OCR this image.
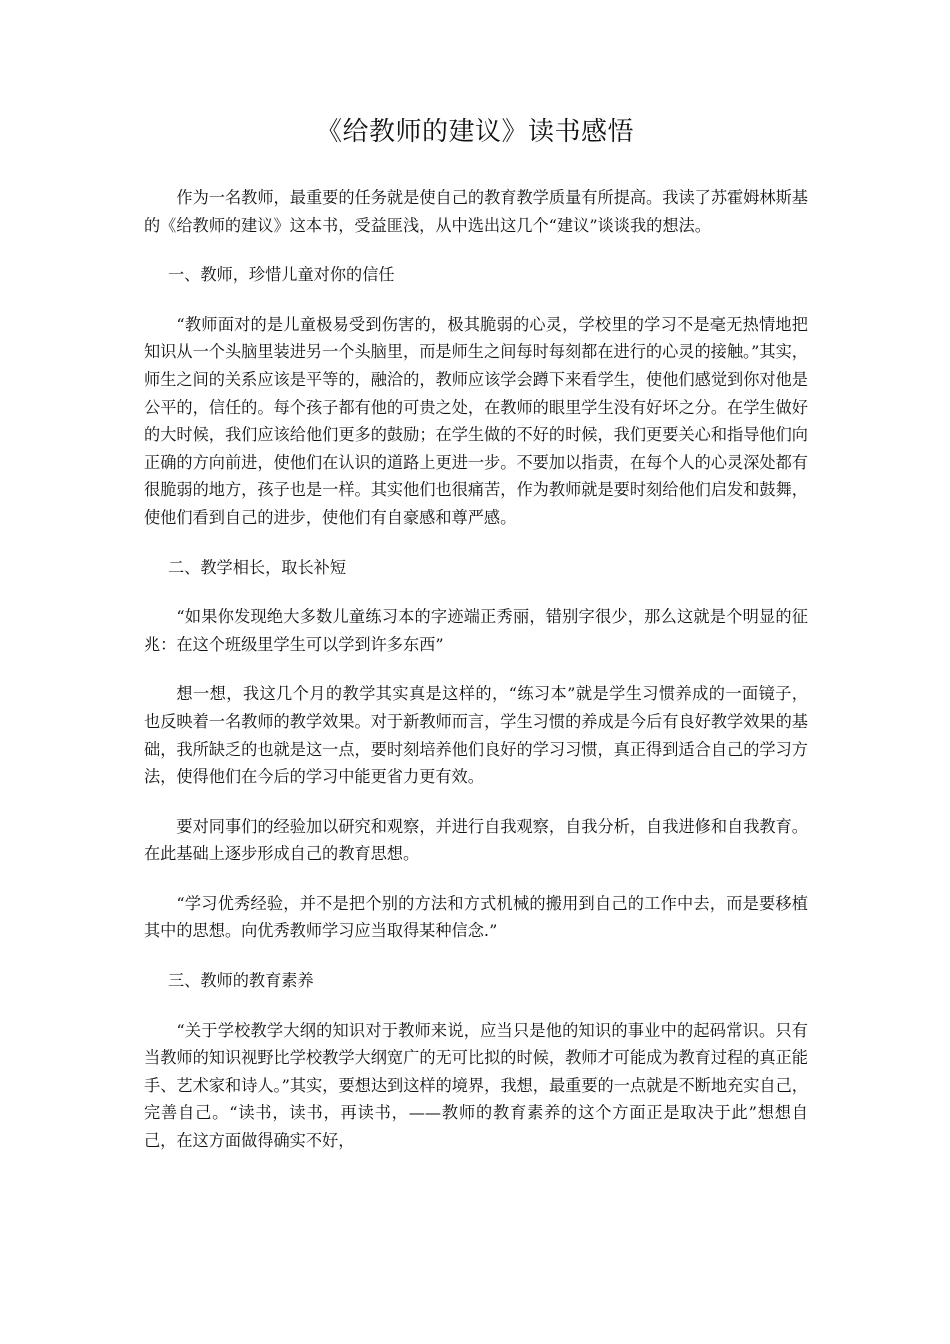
《给教师的建议》读书感悟

作为一名教师，最重要的任务就是使自己的教育教学质量有所提高。我读了苏霍姆林斯基的《给教师的建议》这本书，受益匪浅，从中选出这几个“建议”谈谈我的想法。

一、教师，珍惜儿童对你的信任

“教师面对的是儿童极易受到伤害的，极其脆弱的心灵，学校里的学习不是毫无热情地把知识从一个头脑里装进另一个头脑里，而是师生之间每时每刻都在进行的心灵的接触。”其实，师生之间的关系应该是平等的，融洽的，教师应该学会蹲下来看学生，使他们感觉到你对他是公平的，信任的。每个孩子都有他的可贵之处，在教师的眼里学生没有好坏之分。在学生做好的大时候，我们应该给他们更多的鼓励；在学生做的不好的时候，我们更要关心和指导他们向正确的方向前进，使他们在认识的道路上更进一步。不要加以指责，在每个人的心灵深处都有很脆弱的地方，孩子也是一样。其实他们也很痛苦，作为教师就是要时刻给他们启发和鼓舞，使他们看到自己的进步，使他们有自豪感和尊严感。

二、教学相长，取长补短

“如果你发现绝大多数儿童练习本的字迹端正秀丽，错别字很少，那么这就是个明显的征兆：在这个班级里学生可以学到许多东西”

想一想，我这几个月的教学其实真是这样的，“练习本”就是学生习惯养成的一面镜子，也反映着一名教师的教学效果。对于新教师而言，学生习惯的养成是今后有良好教学效果的基础，我所缺乏的也就是这一点，要时刻培养他们良好的学习习惯，真正得到适合自己的学习方法，使得他们在今后的学习中能更省力更有效。

要对同事们的经验加以研究和观察，并进行自我观察，自我分析，自我进修和自我教育。在此基础上逐步形成自己的教育思想。

“学习优秀经验，并不是把个别的方法和方式机械的搬用到自己的工作中去，而是要移植其中的思想。向优秀教师学习应当取得某种信念.”

三、教师的教育素养

“关于学校教学大纲的知识对于教师来说，应当只是他的知识的事业中的起码常识。只有当教师的知识视野比学校教学大纲宽广的无可比拟的时候，教师才可能成为教育过程的真正能手、艺术家和诗人。”其实，要想达到这样的境界，我想，最重要的一点就是不断地充实自己，完善自己。“读书，读书，再读书，——教师的教育素养的这个方面正是取决于此”想想自己，在这方面做得确实不好，
